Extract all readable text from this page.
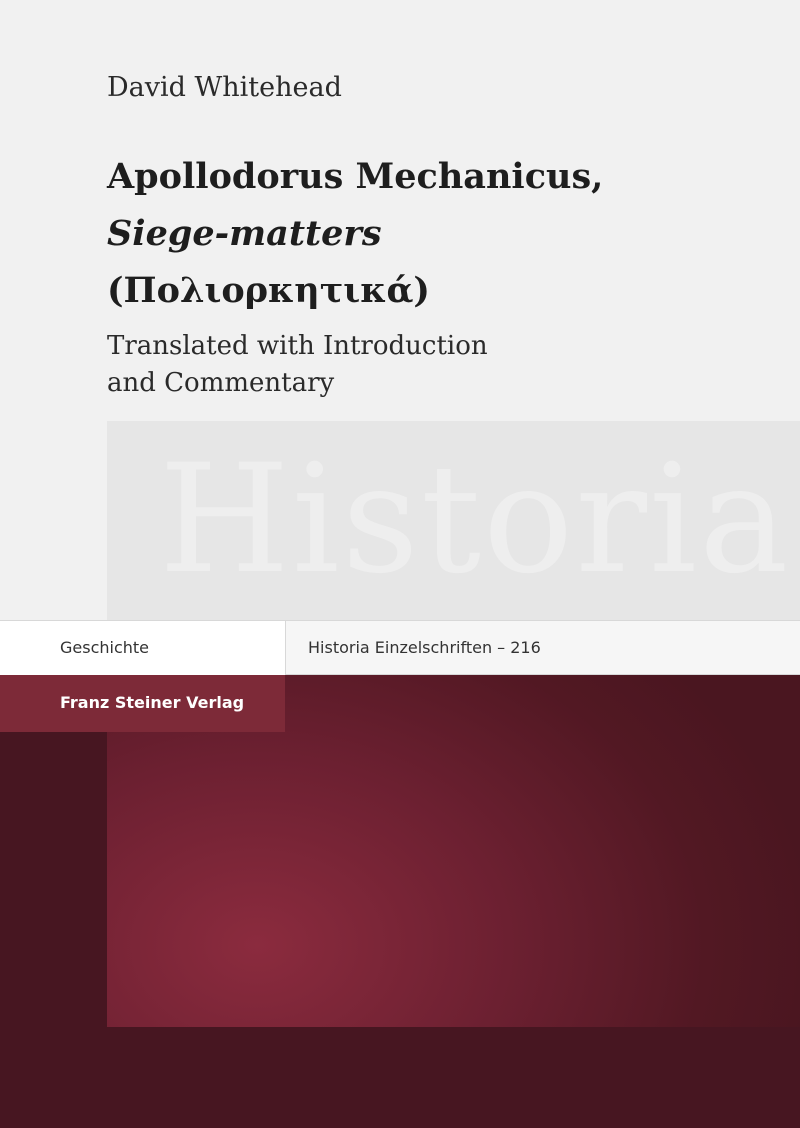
David Whitehead
Apollodorus Mechanicus,
Siege-matters
(Πολιορκητικά)
Translated with Introduction
and Commentary
Historia
Geschichte	Historia Einzelschriften – 216
Franz Steiner Verlag
